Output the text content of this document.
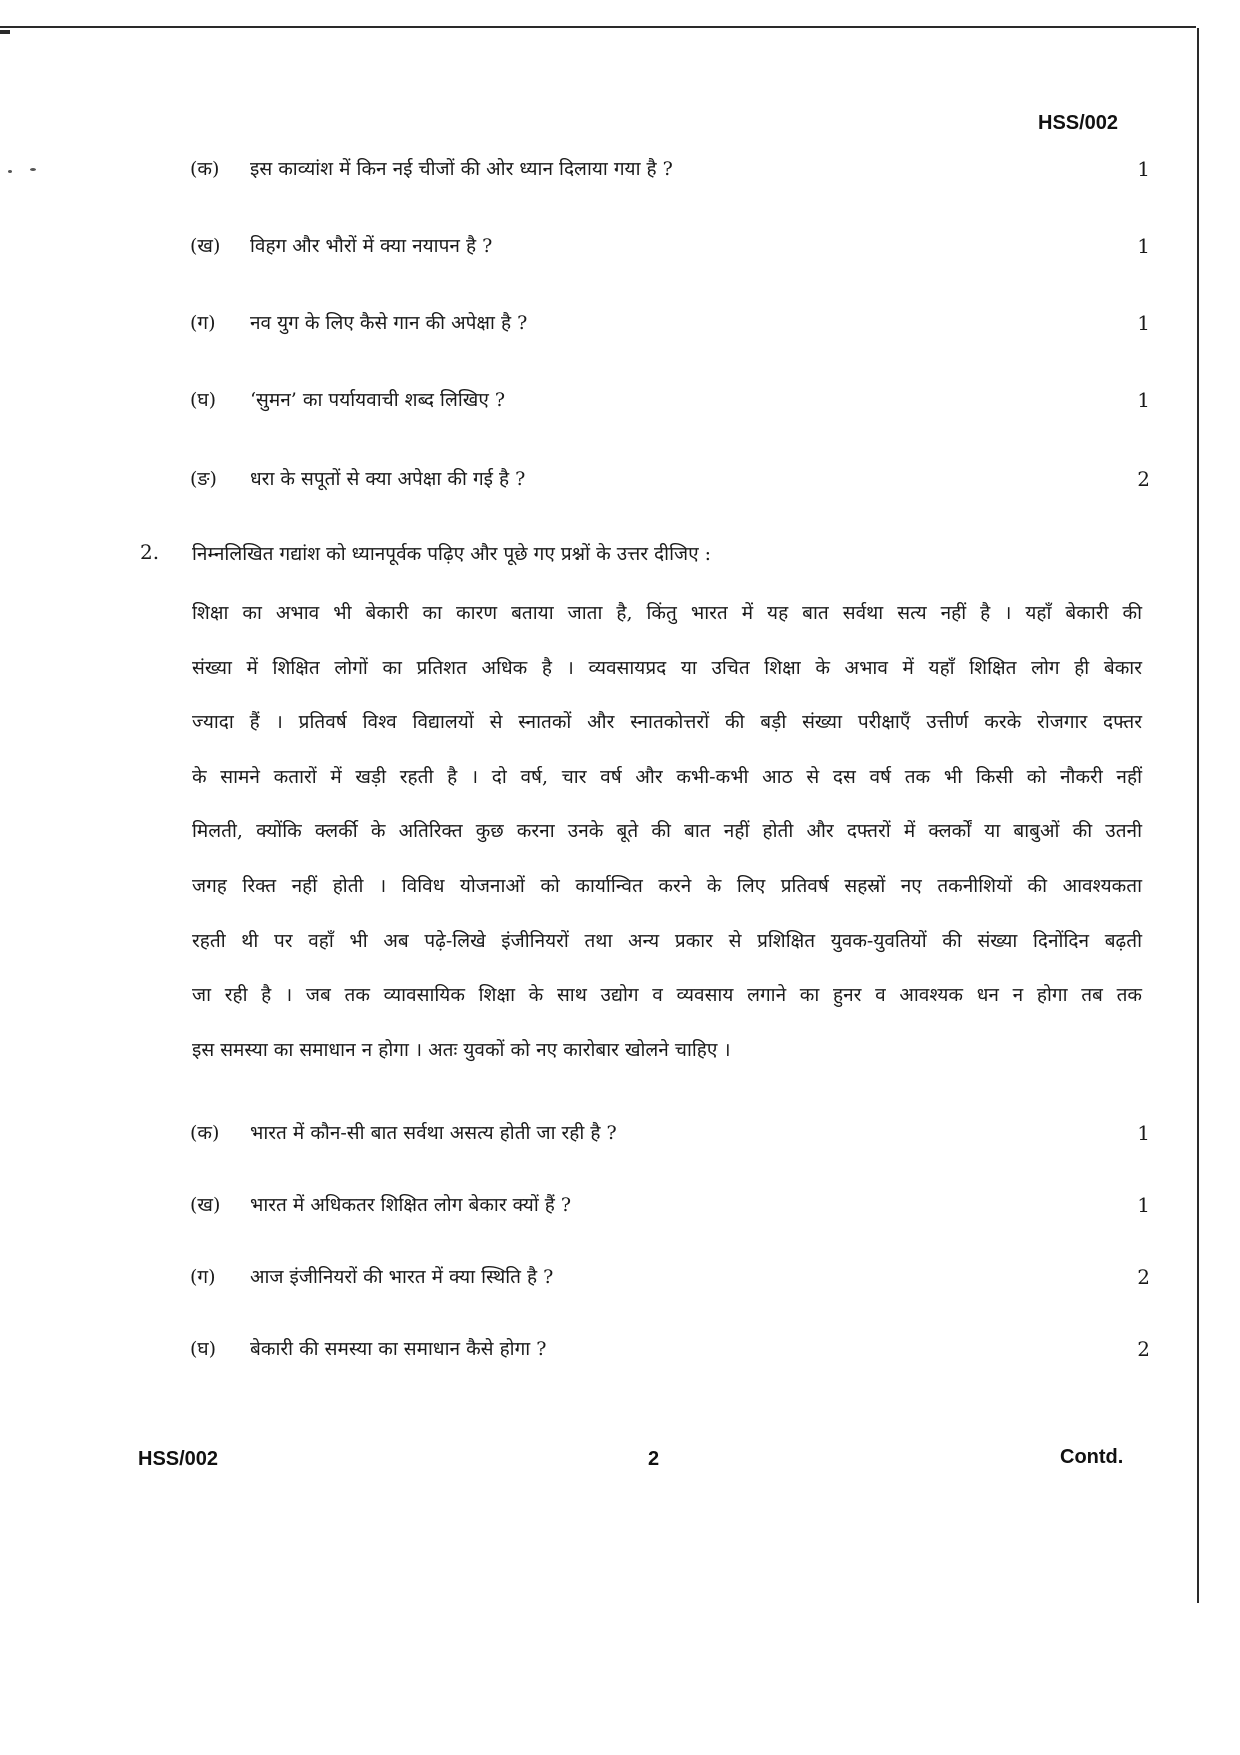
HSS/002
(क) इस काव्यांश में किन नई चीजों की ओर ध्यान दिलाया गया है ?	1
(ख) विहग और भौरों में क्या नयापन है ?	1
(ग) नव युग के लिए कैसे गान की अपेक्षा है ?	1
(घ) ‘सुमन’ का पर्यायवाची शब्द लिखिए ?	1
(ङ) धरा के सपूतों से क्या अपेक्षा की गई है ?	2
2. निम्नलिखित गद्यांश को ध्यानपूर्वक पढ़िए और पूछे गए प्रश्नों के उत्तर दीजिए :
शिक्षा का अभाव भी बेकारी का कारण बताया जाता है, किंतु भारत में यह बात सर्वथा सत्य नहीं है । यहाँ बेकारी की
संख्या में शिक्षित लोगों का प्रतिशत अधिक है । व्यवसायप्रद या उचित शिक्षा के अभाव में यहाँ शिक्षित लोग ही बेकार
ज्यादा हैं । प्रतिवर्ष विश्व विद्यालयों से स्नातकों और स्नातकोत्तरों की बड़ी संख्या परीक्षाएँ उत्तीर्ण करके रोजगार दफ्तर
के सामने कतारों में खड़ी रहती है । दो वर्ष, चार वर्ष और कभी-कभी आठ से दस वर्ष तक भी किसी को नौकरी नहीं
मिलती, क्योंकि क्लर्की के अतिरिक्त कुछ करना उनके बूते की बात नहीं होती और दफ्तरों में क्लर्कों या बाबुओं की उतनी
जगह रिक्त नहीं होती । विविध योजनाओं को कार्यान्वित करने के लिए प्रतिवर्ष सहस्रों नए तकनीशियों की आवश्यकता
रहती थी पर वहाँ भी अब पढ़े-लिखे इंजीनियरों तथा अन्य प्रकार से प्रशिक्षित युवक-युवतियों की संख्या दिनोंदिन बढ़ती
जा रही है । जब तक व्यावसायिक शिक्षा के साथ उद्योग व व्यवसाय लगाने का हुनर व आवश्यक धन न होगा तब तक
इस समस्या का समाधान न होगा । अतः युवकों को नए कारोबार खोलने चाहिए ।
(क) भारत में कौन-सी बात सर्वथा असत्य होती जा रही है ?	1
(ख) भारत में अधिकतर शिक्षित लोग बेकार क्यों हैं ?	1
(ग) आज इंजीनियरों की भारत में क्या स्थिति है ?	2
(घ) बेकारी की समस्या का समाधान कैसे होगा ?	2
HSS/002	2	Contd.
